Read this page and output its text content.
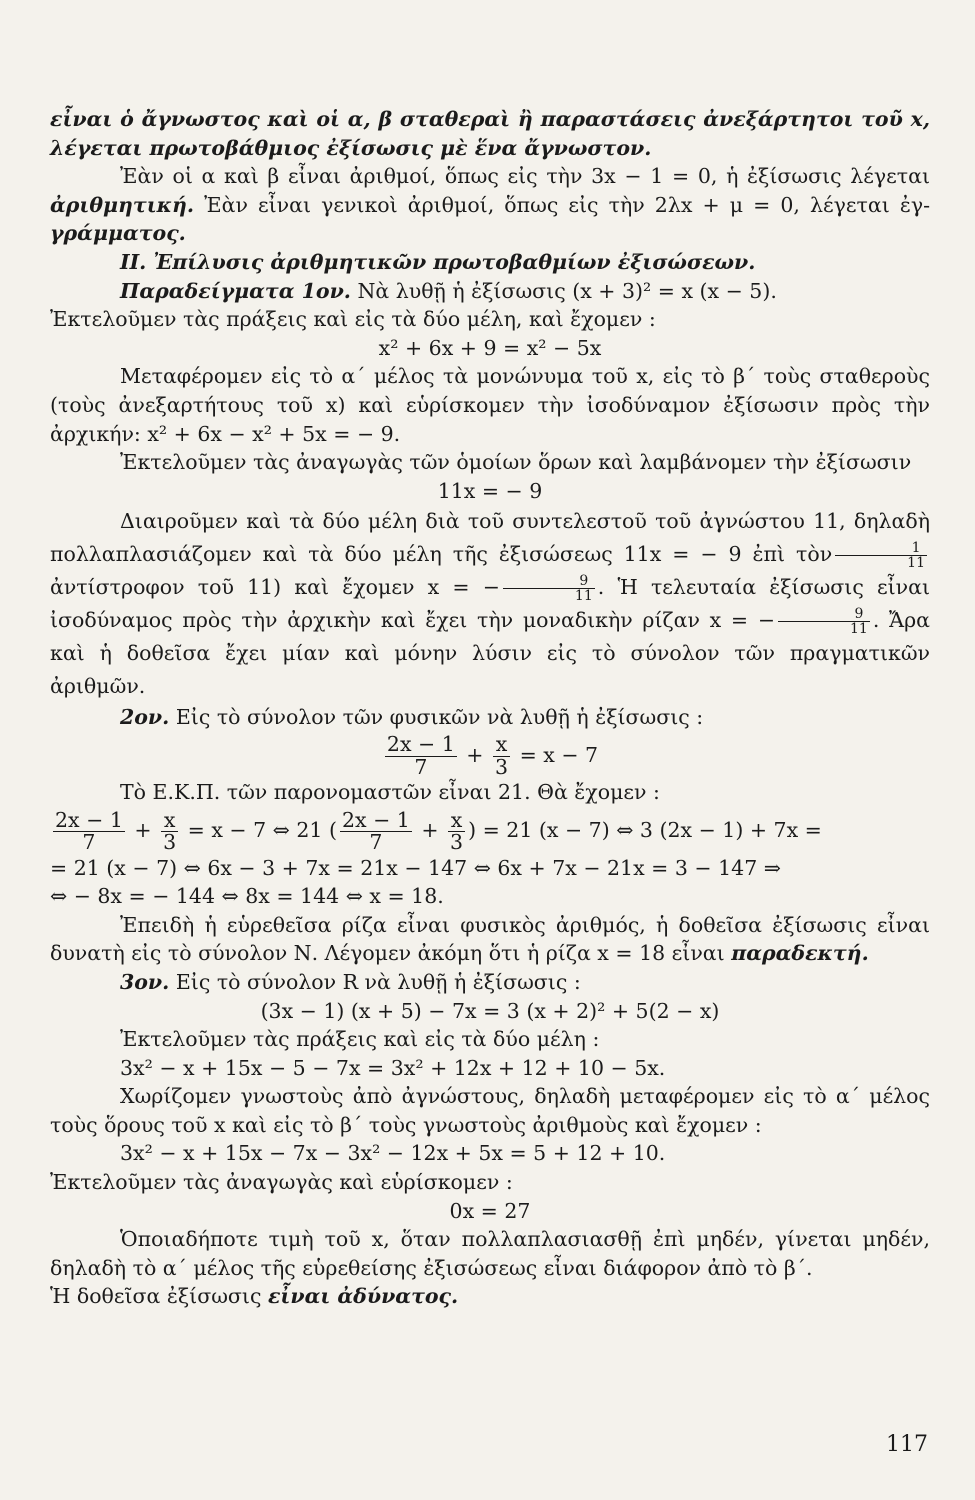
εἶναι ὁ ἄγνωστος καὶ οἱ α, β σταθεραὶ ἢ παραστάσεις ἀνεξάρτητοι τοῦ x, λέγεται πρωτοβάθμιος ἐξίσωσις μὲ ἕνα ἄγνωστον.
Ἐὰν οἱ α καὶ β εἶναι ἀριθμοί, ὅπως εἰς τὴν 3x − 1 = 0, ἡ ἐξίσωσις λέγεται ἀριθμητική. Ἐὰν εἶναι γενικοὶ ἀριθμοί, ὅπως εἰς τὴν 2λx + μ = 0, λέγεται ἐγ-γράμματος.
ΙΙ. Ἐπίλυσις ἀριθμητικῶν πρωτοβαθμίων ἐξισώσεων.
Παραδείγματα 1ον. Νὰ λυθῇ ἡ ἐξίσωσις (x + 3)² = x (x − 5).
Ἐκτελοῦμεν τὰς πράξεις καὶ εἰς τὰ δύο μέλη, καὶ ἔχομεν :
x² + 6x + 9 = x² − 5x
Μεταφέρομεν εἰς τὸ α΄ μέλος τὰ μονώνυμα τοῦ x, εἰς τὸ β΄ τοὺς σταθεροὺς (τοὺς ἀνεξαρτήτους τοῦ x) καὶ εὑρίσκομεν τὴν ἰσοδύναμον ἐξίσωσιν πρὸς τὴν ἀρχικήν: x² + 6x − x² + 5x = − 9.
Ἐκτελοῦμεν τὰς ἀναγωγὰς τῶν ὁμοίων ὅρων καὶ λαμβάνομεν τὴν ἐξίσωσιν
11x = − 9
Διαιροῦμεν καὶ τὰ δύο μέλη διὰ τοῦ συντελεστοῦ τοῦ ἀγνώστου 11, δηλαδὴ πολλαπλασιάζομεν καὶ τὰ δύο μέλη τῆς ἐξισώσεως 11x = − 9 ἐπὶ τὸν $\frac{1}{11}$
ἀντίστροφον τοῦ 11) καὶ ἔχομεν x = − $\frac{9}{11}$ . Ἡ τελευταία ἐξίσωσις εἶναι ἰσοδύναμος πρὸς τὴν ἀρχικὴν καὶ ἔχει τὴν μοναδικὴν ρίζαν x = − $\frac{9}{11}$ . Ἄρα καὶ ἡ δοθεῖσα ἔχει μίαν καὶ μόνην λύσιν εἰς τὸ σύνολον τῶν πραγματικῶν ἀριθμῶν.
2ον. Εἰς τὸ σύνολον τῶν φυσικῶν νὰ λυθῇ ἡ ἐξίσωσις :
$\frac{2x - 1}{7} + \frac{x}{3} = x - 7$
Τὸ Ε.Κ.Π. τῶν παρονομαστῶν εἶναι 21. Θὰ ἔχομεν :
$\frac{2x - 1}{7} + \frac{x}{3} = x - 7$ ⇔ 21 ( $\frac{2x - 1}{7} + \frac{x}{3}$ ) = 21 (x − 7) ⇔ 3 (2x − 1) + 7x =
= 21 (x − 7) ⇔ 6x − 3 + 7x = 21x − 147 ⇔ 6x + 7x − 21x = 3 − 147 ⇒
⇔ − 8x = − 144 ⇔ 8x = 144 ⇔ x = 18.
Ἐπειδὴ ἡ εὑρεθεῖσα ρίζα εἶναι φυσικὸς ἀριθμός, ἡ δοθεῖσα ἐξίσωσις εἶναι δυνατὴ εἰς τὸ σύνολον Ν. Λέγομεν ἀκόμη ὅτι ἡ ρίζα x = 18 εἶναι παραδεκτή.
3ον. Εἰς τὸ σύνολον R νὰ λυθῇ ἡ ἐξίσωσις :
(3x − 1) (x + 5) − 7x = 3 (x + 2)² + 5(2 − x)
Ἐκτελοῦμεν τὰς πράξεις καὶ εἰς τὰ δύο μέλη :
3x² − x + 15x − 5 − 7x = 3x² + 12x + 12 + 10 − 5x.
Χωρίζομεν γνωστοὺς ἀπὸ ἀγνώστους, δηλαδὴ μεταφέρομεν εἰς τὸ α΄ μέλος τοὺς ὅρους τοῦ x καὶ εἰς τὸ β΄ τοὺς γνωστοὺς ἀριθμοὺς καὶ ἔχομεν :
3x² − x + 15x − 7x − 3x² − 12x + 5x = 5 + 12 + 10.
Ἐκτελοῦμεν τὰς ἀναγωγὰς καὶ εὑρίσκομεν :
0x = 27
Ὁποιαδήποτε τιμὴ τοῦ x, ὅταν πολλαπλασιασθῇ ἐπὶ μηδέν, γίνεται μηδέν, δηλαδὴ τὸ α΄ μέλος τῆς εὑρεθείσης ἐξισώσεως εἶναι διάφορον ἀπὸ τὸ β΄.
Ἡ δοθεῖσα ἐξίσωσις εἶναι ἀδύνατος.
117
